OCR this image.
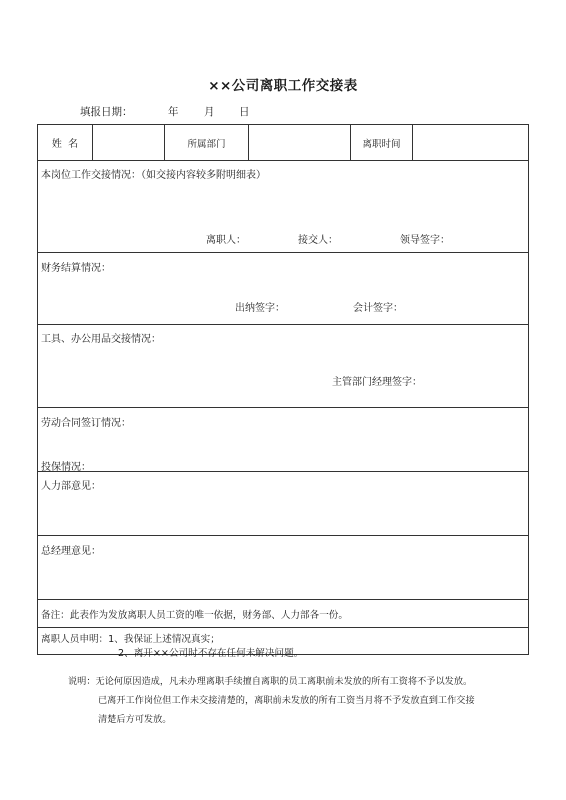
××公司离职工作交接表
填报日期：	年 月 日
姓  名	所属部门	离职时间
本岗位工作交接情况：（如交接内容较多附明细表）
离职人：	接交人：	领导签字：
财务结算情况：
出纳签字：	会计签字：
工具、办公用品交接情况：
主管部门经理签字：
劳动合同签订情况：
投保情况：
人力部意见：
总经理意见：
备注：此表作为发放离职人员工资的唯一依据，财务部、人力部各一份。
离职人员申明：1、我保证上述情况真实；
2、离开××公司时不存在任何未解决问题。
说明：无论何原因造成，凡未办理离职手续擅自离职的员工离职前未发放的所有工资将不予以发放。
已离开工作岗位但工作未交接清楚的，离职前未发放的所有工资当月将不予发放直到工作交接
清楚后方可发放。
